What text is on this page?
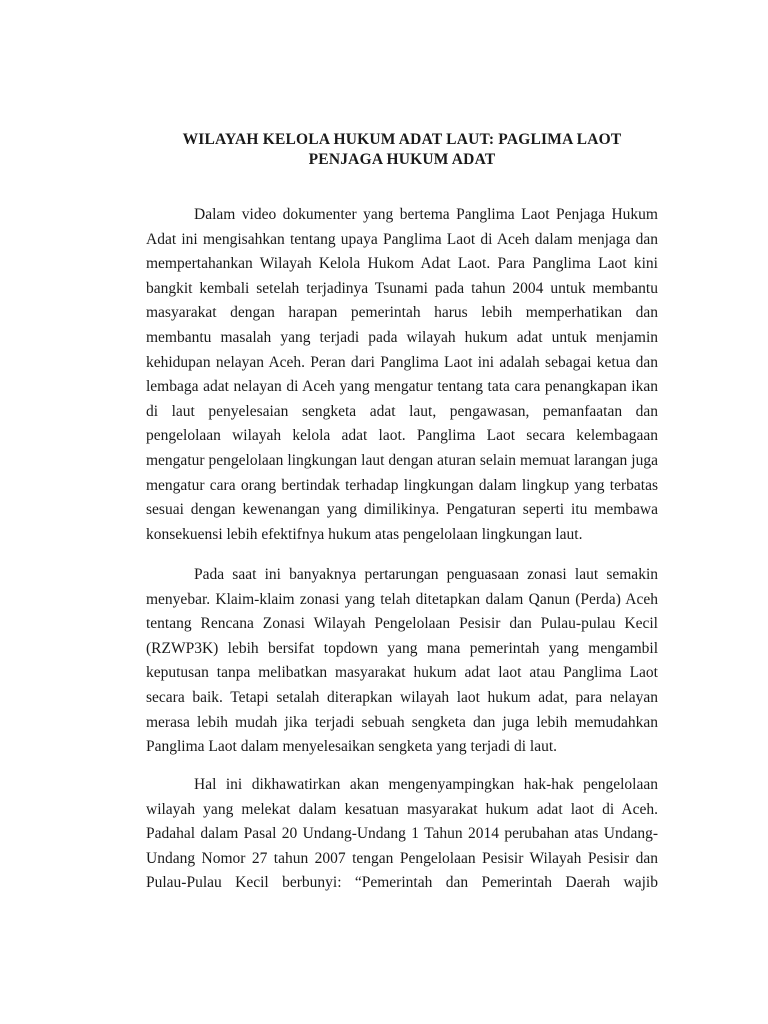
WILAYAH KELOLA HUKUM ADAT LAUT: PAGLIMA LAOT
PENJAGA HUKUM ADAT

Dalam video dokumenter yang bertema Panglima Laot Penjaga Hukum
Adat ini mengisahkan tentang upaya Panglima Laot di Aceh dalam menjaga dan
mempertahankan Wilayah Kelola Hukom Adat Laot. Para Panglima Laot kini
bangkit kembali setelah terjadinya Tsunami pada tahun 2004 untuk membantu
masyarakat dengan harapan pemerintah harus lebih memperhatikan dan
membantu masalah yang terjadi pada wilayah hukum adat untuk menjamin
kehidupan nelayan Aceh. Peran dari Panglima Laot ini adalah sebagai ketua dan
lembaga adat nelayan di Aceh yang mengatur tentang tata cara penangkapan ikan
di laut penyelesaian sengketa adat laut, pengawasan, pemanfaatan dan
pengelolaan wilayah kelola adat laot. Panglima Laot secara kelembagaan
mengatur pengelolaan lingkungan laut dengan aturan selain memuat larangan juga
mengatur cara orang bertindak terhadap lingkungan dalam lingkup yang terbatas
sesuai dengan kewenangan yang dimilikinya. Pengaturan seperti itu membawa
konsekuensi lebih efektifnya hukum atas pengelolaan lingkungan laut.

Pada saat ini banyaknya pertarungan penguasaan zonasi laut semakin
menyebar. Klaim-klaim zonasi yang telah ditetapkan dalam Qanun (Perda) Aceh
tentang Rencana Zonasi Wilayah Pengelolaan Pesisir dan Pulau-pulau Kecil
(RZWP3K) lebih bersifat topdown yang mana pemerintah yang mengambil
keputusan tanpa melibatkan masyarakat hukum adat laot atau Panglima Laot
secara baik. Tetapi setalah diterapkan wilayah laot hukum adat, para nelayan
merasa lebih mudah jika terjadi sebuah sengketa dan juga lebih memudahkan
Panglima Laot dalam menyelesaikan sengketa yang terjadi di laut.

Hal ini dikhawatirkan akan mengenyampingkan hak-hak pengelolaan
wilayah yang melekat dalam kesatuan masyarakat hukum adat laot di Aceh.
Padahal dalam Pasal 20 Undang-Undang 1 Tahun 2014 perubahan atas Undang-
Undang Nomor 27 tahun 2007 tengan Pengelolaan Pesisir Wilayah Pesisir dan
Pulau-Pulau Kecil berbunyi: “Pemerintah dan Pemerintah Daerah wajib
